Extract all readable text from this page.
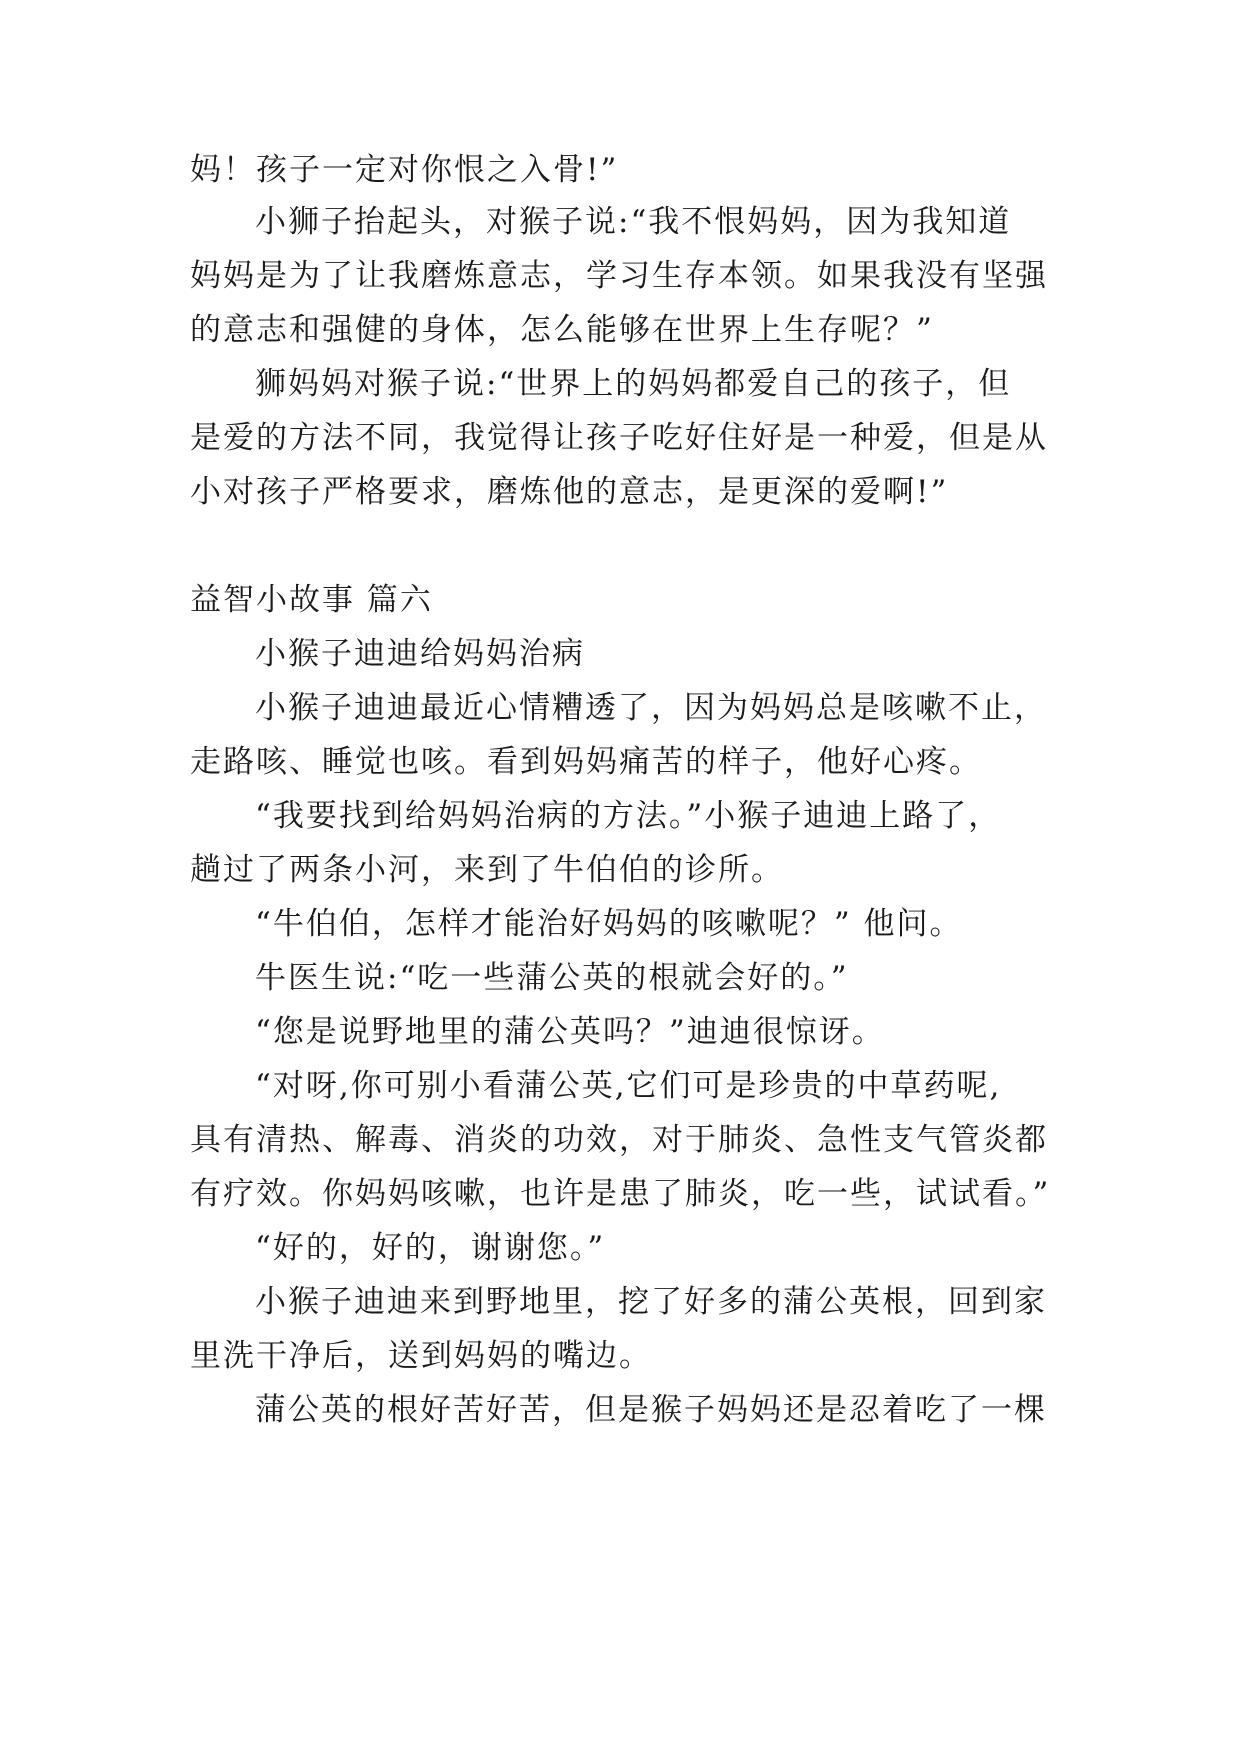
妈！孩子一定对你恨之入骨!”
小狮子抬起头，对猴子说:“我不恨妈妈，因为我知道
妈妈是为了让我磨炼意志，学习生存本领。如果我没有坚强
的意志和强健的身体，怎么能够在世界上生存呢？”
狮妈妈对猴子说:“世界上的妈妈都爱自己的孩子，但
是爱的方法不同，我觉得让孩子吃好住好是一种爱，但是从
小对孩子严格要求，磨炼他的意志，是更深的爱啊!”
益智小故事 篇六
小猴子迪迪给妈妈治病
小猴子迪迪最近心情糟透了，因为妈妈总是咳嗽不止，
走路咳、睡觉也咳。看到妈妈痛苦的样子，他好心疼。
“我要找到给妈妈治病的方法。”小猴子迪迪上路了，
趟过了两条小河，来到了牛伯伯的诊所。
“牛伯伯，怎样才能治好妈妈的咳嗽呢？” 他问。
牛医生说:“吃一些蒲公英的根就会好的。”
“您是说野地里的蒲公英吗？”迪迪很惊讶。
“对呀,你可别小看蒲公英,它们可是珍贵的中草药呢,
具有清热、解毒、消炎的功效，对于肺炎、急性支气管炎都
有疗效。你妈妈咳嗽，也许是患了肺炎，吃一些，试试看。”
“好的，好的，谢谢您。”
小猴子迪迪来到野地里，挖了好多的蒲公英根，回到家
里洗干净后，送到妈妈的嘴边。
蒲公英的根好苦好苦，但是猴子妈妈还是忍着吃了一棵
